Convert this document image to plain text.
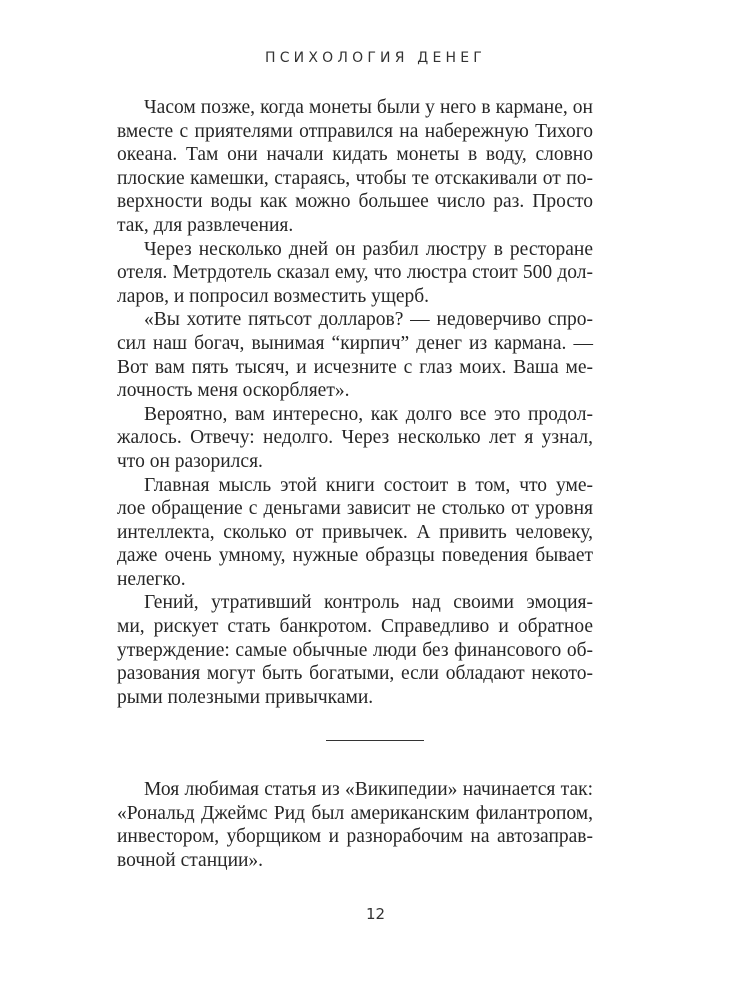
ПСИХОЛОГИЯ ДЕНЕГ
Часом позже, когда монеты были у него в кармане, он
вместе с приятелями отправился на набережную Тихого
океана. Там они начали кидать монеты в воду, словно
плоские камешки, стараясь, чтобы те отскакивали от по-
верхности воды как можно большее число раз. Просто
так, для развлечения.
Через несколько дней он разбил люстру в ресторане
отеля. Метрдотель сказал ему, что люстра стоит 500 дол-
ларов, и попросил возместить ущерб.
«Вы хотите пятьсот долларов? — недоверчиво спро-
сил наш богач, вынимая “кирпич” денег из кармана. —
Вот вам пять тысяч, и исчезните с глаз моих. Ваша ме-
лочность меня оскорбляет».
Вероятно, вам интересно, как долго все это продол-
жалось. Отвечу: недолго. Через несколько лет я узнал,
что он разорился.
Главная мысль этой книги состоит в том, что уме-
лое обращение с деньгами зависит не столько от уровня
интеллекта, сколько от привычек. А привить человеку,
даже очень умному, нужные образцы поведения бывает
нелегко.
Гений, утративший контроль над своими эмоция-
ми, рискует стать банкротом. Справедливо и обратное
утверждение: самые обычные люди без финансового об-
разования могут быть богатыми, если обладают некото-
рыми полезными привычками.
Моя любимая статья из «Википедии» начинается так:
«Рональд Джеймс Рид был американским филантропом,
инвестором, уборщиком и разнорабочим на автозаправ-
вочной станции».
12
